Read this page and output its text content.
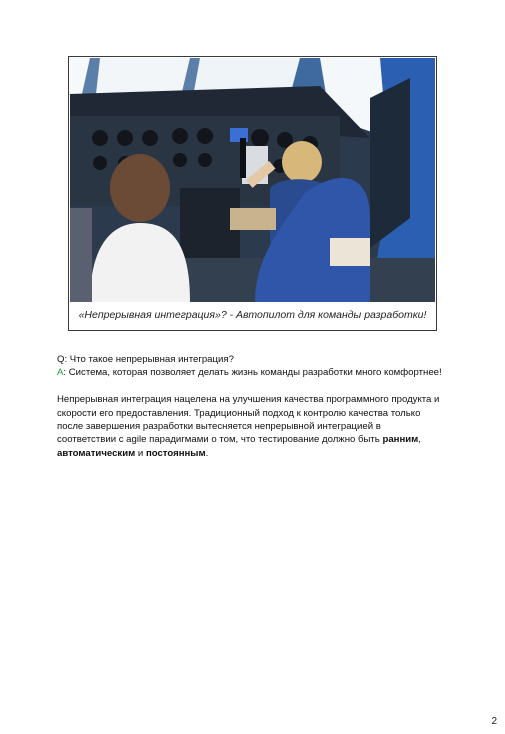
«Непрерывная интеграция»? - Автопилот для команды разработки!

Q: Что такое непрерывная интеграция?

A: Система, которая позволяет делать жизнь команды разработки много комфортнее!

Непрерывная интеграция нацелена на улучшения качества программного продукта и скорости его предоставления. Традиционный подход к контролю качества только после завершения разработки вытесняется непрерывной интеграцией в соответствии с agile парадигмами о том, что тестирование должно быть ранним, автоматическим и постоянным.

2
